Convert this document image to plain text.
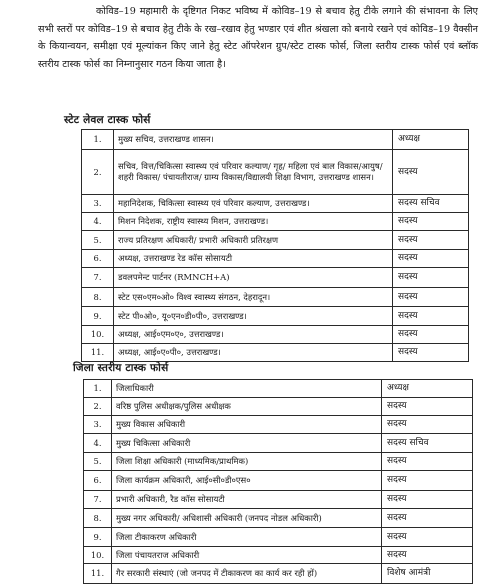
कोविड–19 महामारी के दृष्टिगत निकट भविष्य में कोविड–19 से बचाव हेतु टीके लगाने की संभावना के लिए सभी स्तरों पर कोविड–19 से बचाव हेतु टीके के रख–रखाव हेतु भण्डार एवं शीत श्रंखला को बनाये रखने एवं कोविड–19 वैक्सीन के कियान्वयन, समीक्षा एवं मूल्यांकन किए जाने हेतु स्टेट ऑपरेशन ग्रुप/स्टेट टास्क फोर्स, जिला स्तरीय टास्क फोर्स एवं ब्लॉक स्तरीय टास्क फोर्स का निम्नानुसार गठन किया जाता है।
स्टेट लेवल टास्क फोर्स
1.	मुख्य सचिव, उत्तराखण्ड शासन।	अध्यक्ष
2.	सचिव, वित्त/चिकित्सा स्वास्थ्य एवं परिवार कल्याण/ गृह/ महिला एवं बाल विकास/आयुष/ शहरी विकास/ पंचायतीराज/ ग्राम्य विकास/विद्यालयी शिक्षा विभाग, उत्तराखण्ड शासन।	सदस्य
3.	महानिदेशक, चिकित्सा स्वास्थ्य एवं परिवार कल्याण, उत्तराखण्ड।	सदस्य सचिव
4.	मिशन निदेशक, राष्ट्रीय स्वास्थ्य मिशन, उत्तराखण्ड।	सदस्य
5.	राज्य प्रतिरक्षण अधिकारी/ प्रभारी अधिकारी प्रतिरक्षण	सदस्य
6.	अध्यक्ष, उत्तराखण्ड रेड कॉस सोसायटी	सदस्य
7.	डवलपमेन्ट पार्टनर (RMNCH+A)	सदस्य
8.	स्टेट एस०एम०ओ० विश्व स्वास्थ्य संगठन, देहरादून।	सदस्य
9.	स्टेट पी०ओ०, यू०एन०डी०पी०, उत्तराखण्ड।	सदस्य
10.	अध्यक्ष, आई०एम०ए०, उत्तराखण्ड।	सदस्य
11.	अध्यक्ष, आई०ए०पी०, उत्तराखण्ड।	सदस्य
जिला स्तरीय टास्क फोर्स
1.	जिलाधिकारी	अध्यक्ष
2.	वरिष्ठ पुलिस अधीक्षक/पुलिस अधीक्षक	सदस्य
3.	मुख्य विकास अधिकारी	सदस्य
4.	मुख्य चिकित्सा अधिकारी	सदस्य सचिव
5.	जिला शिक्षा अधिकारी (माध्यमिक/प्राथमिक)	सदस्य
6.	जिला कार्यक्रम अधिकारी, आई०सी०डी०एस०	सदस्य
7.	प्रभारी अधिकारी, रैड कॉस सोसायटी	सदस्य
8.	मुख्य नगर अधिकारी/ अधिशासी अधिकारी (जनपद नोडल अधिकारी)	सदस्य
9.	जिला टीकाकरण अधिकारी	सदस्य
10.	जिला पंचायतराज अधिकारी	सदस्य
11.	गैर सरकारी संस्थाएं (जो जनपद में टीकाकरण का कार्य कर रही हों)	विशेष आमंत्री
